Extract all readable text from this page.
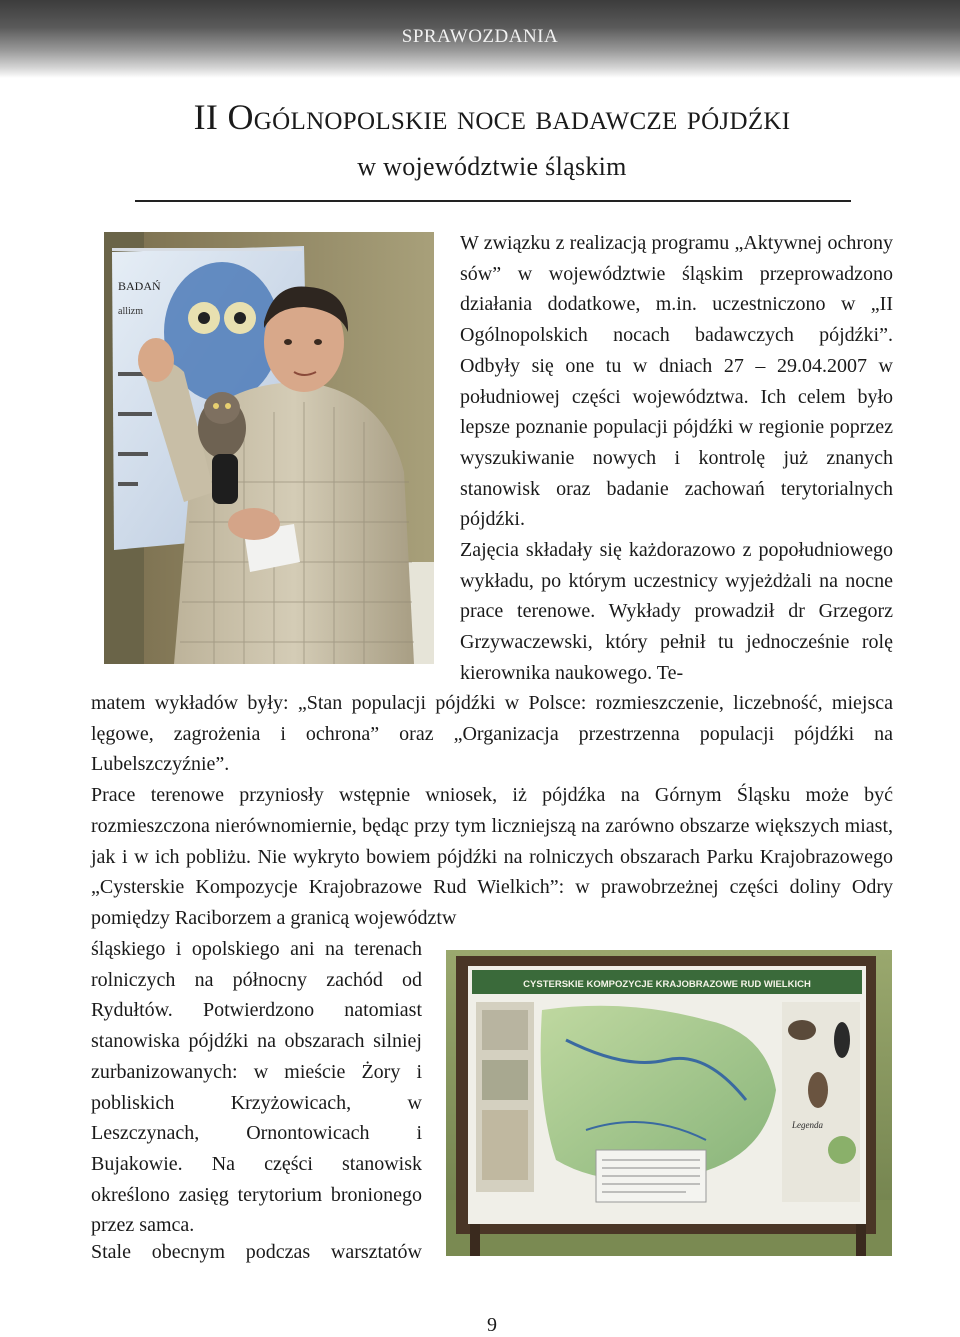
SPRAWOZDANIA
II Ogólnopolskie noce badawcze pójdźki
w województwie śląskim
BADAŃ
allizm

W związku z realizacją programu „Aktywnej ochrony sów” w województwie śląskim przeprowadzono działania dodatkowe, m.in. uczestniczono w „II Ogólnopolskich nocach badawczych pójdźki”. Odbyły się one tu w dniach 27 – 29.04.2007 w południowej części województwa. Ich celem było lepsze poznanie populacji pójdźki w regionie poprzez wyszukiwanie nowych i kontrolę już znanych stanowisk oraz badanie zachowań terytorialnych pójdźki.
Zajęcia składały się każdorazowo z popołudniowego wykładu, po którym uczestnicy wyjeżdżali na nocne prace terenowe. Wykłady prowadził dr Grzegorz Grzywaczewski, który pełnił tu jednocześnie rolę kierownika naukowego. Te-

matem wykładów były: „Stan populacji pójdźki w Polsce: rozmieszczenie, liczebność, miejsca lęgowe, zagrożenia i ochrona” oraz „Organizacja przestrzenna populacji pójdźki na Lubelszczyźnie”.
Prace terenowe przyniosły wstępnie wniosek, iż pójdźka na Górnym Śląsku może być rozmieszczona nierównomiernie, będąc przy tym liczniejszą na zarówno obszarze większych miast, jak i w ich pobliżu. Nie wykryto bowiem pójdźki na rolniczych obszarach Parku Krajobrazowego „Cysterskie Kompozycje Krajobrazowe Rud Wielkich”: w prawobrzeżnej części doliny Odry pomiędzy Raciborzem a granicą województw

CYSTERSKIE KOMPOZYCJE KRAJOBRAZOWE RUD WIELKICH
Legenda

śląskiego i opolskiego ani na terenach rolniczych na północny zachód od Rydułtów. Potwierdzono natomiast stanowiska pójdźki na obszarach silniej zurbanizowanych: w mieście Żory i pobliskich Krzyżowicach, w Leszczynach, Ornontowicach i Bujakowie. Na części stanowisk określono zasięg terytorium bronionego przez samca.

Stale obecnym podczas warsztatów

9
